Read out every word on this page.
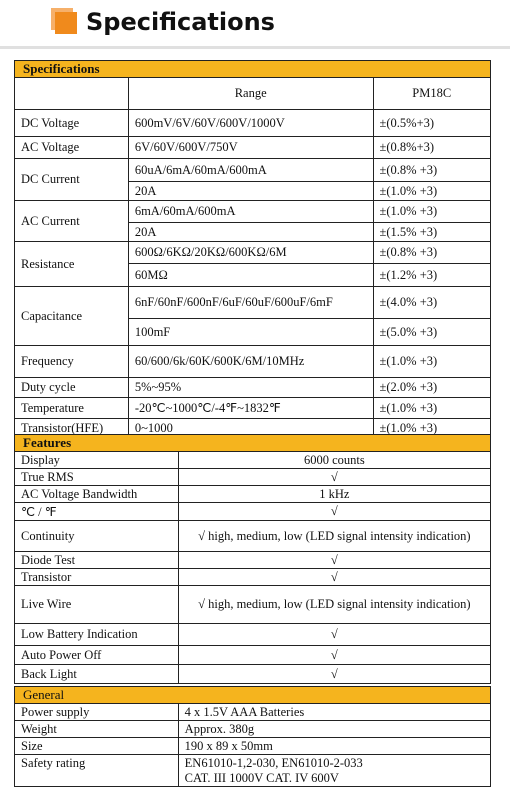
Specifications
Specifications		
	Range	PM18C
DC Voltage	600mV/6V/60V/600V/1000V	±(0.5%+3)
AC Voltage	6V/60V/600V/750V	±(0.8%+3)
DC Current	60uA/6mA/60mA/600mA	±(0.8% +3)
	20A	±(1.0% +3)
AC Current	6mA/60mA/600mA	±(1.0% +3)
	20A	±(1.5% +3)
Resistance	600Ω/6KΩ/20KΩ/600KΩ/6M	±(0.8% +3)
	60MΩ	±(1.2% +3)
Capacitance	6nF/60nF/600nF/6uF/60uF/600uF/6mF	±(4.0% +3)
	100mF	±(5.0% +3)
Frequency	60/600/6k/60K/600K/6M/10MHz	±(1.0% +3)
Duty cycle	5%~95%	±(2.0% +3)
Temperature	-20℃~1000℃/-4℉~1832℉	±(1.0% +3)
Transistor(HFE)	0~1000	±(1.0% +3)
Features	
Display	6000 counts
True RMS	√
AC Voltage Bandwidth	1 kHz
℃ / ℉	√
Continuity	√ high, medium, low (LED signal intensity indication)
Diode Test	√
Transistor	√
Live Wire	√ high, medium, low (LED signal intensity indication)
Low Battery Indication	√
Auto Power Off	√
Back Light	√
General	
Power supply	4 x 1.5V AAA Batteries
Weight	Approx. 380g
Size	190 x 89 x 50mm
Safety rating	EN61010-1,2-030, EN61010-2-033
CAT. III 1000V CAT. IV 600V
